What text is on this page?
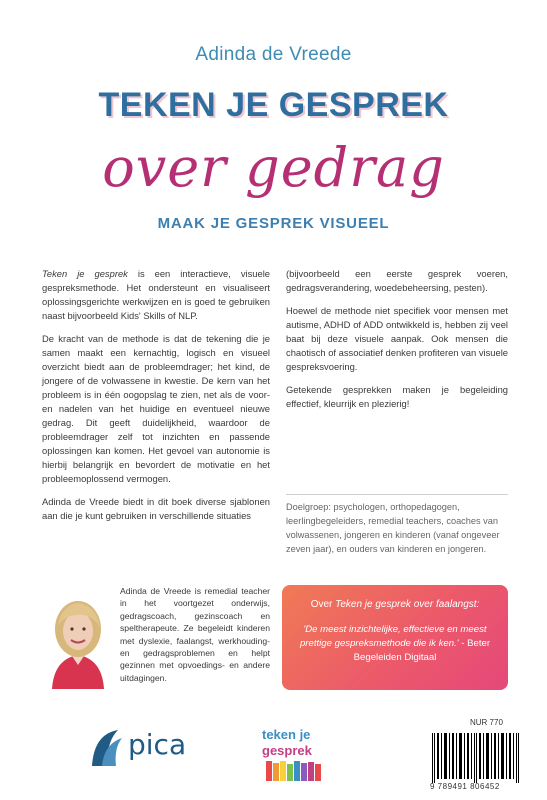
Adinda de Vreede
TEKEN JE GESPREK
over gedrag
MAAK JE GESPREK VISUEEL

Teken je gesprek is een interactieve, visuele gespreksmethode. Het ondersteunt en visualiseert oplossingsgerichte werkwijzen en is goed te gebruiken naast bijvoorbeeld Kids' Skills of NLP.

De kracht van de methode is dat de tekening die je samen maakt een kernachtig, logisch en visueel overzicht biedt aan de probleemdrager; het kind, de jongere of de volwassene in kwestie. De kern van het probleem is in één oogopslag te zien, net als de voor- en nadelen van het huidige en eventueel nieuwe gedrag. Dit geeft duidelijkheid, waardoor de probleemdrager zelf tot inzichten en passende oplossingen kan komen. Het gevoel van autonomie is hierbij belangrijk en bevordert de motivatie en het probleemoplossend vermogen.

Adinda de Vreede biedt in dit boek diverse sjablonen aan die je kunt gebruiken in verschillende situaties

(bijvoorbeeld een eerste gesprek voeren, gedragsverandering, woedebeheersing, pesten).

Hoewel de methode niet specifiek voor mensen met autisme, ADHD of ADD ontwikkeld is, hebben zij veel baat bij deze visuele aanpak. Ook mensen die chaotisch of associatief denken profiteren van visuele gespreksvoering.

Getekende gesprekken maken je begeleiding effectief, kleurrijk en plezierig!

Doelgroep: psychologen, orthopedagogen, leerlingbegeleiders, remedial teachers, coaches van volwassenen, jongeren en kinderen (vanaf ongeveer zeven jaar), en ouders van kinderen en jongeren.
Adinda de Vreede is remedial teacher in het voortgezet onderwijs, gedragscoach, gezinscoach en speltherapeute. Ze begeleidt kinderen met dyslexie, faalangst, werkhouding- en gedragsproblemen en helpt gezinnen met opvoedings- en andere uitdagingen.
Over Teken je gesprek over faalangst:
'De meest inzichtelijke, effectieve en meest prettige gespreksmethode die ik ken.' - Beter Begeleiden Digitaal
pica	teken je
gesprek
NUR 770
9 789491 806452
